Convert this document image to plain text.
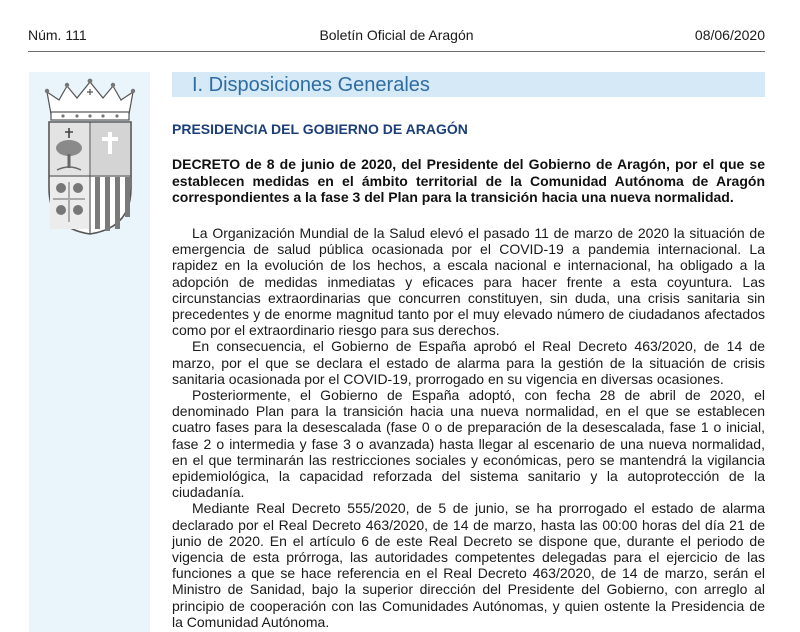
Núm. 111	Boletín Oficial de Aragón	08/06/2020
I. Disposiciones Generales
PRESIDENCIA DEL GOBIERNO DE ARAGÓN
DECRETO de 8 de junio de 2020, del Presidente del Gobierno de Aragón, por el que se establecen medidas en el ámbito territorial de la Comunidad Autónoma de Aragón correspondientes a la fase 3 del Plan para la transición hacia una nueva normalidad.

La Organización Mundial de la Salud elevó el pasado 11 de marzo de 2020 la situación de emergencia de salud pública ocasionada por el COVID-19 a pandemia internacional. La rapidez en la evolución de los hechos, a escala nacional e internacional, ha obligado a la adopción de medidas inmediatas y eficaces para hacer frente a esta coyuntura. Las circunstancias extraordinarias que concurren constituyen, sin duda, una crisis sanitaria sin precedentes y de enorme magnitud tanto por el muy elevado número de ciudadanos afectados como por el extraordinario riesgo para sus derechos.

En consecuencia, el Gobierno de España aprobó el Real Decreto 463/2020, de 14 de marzo, por el que se declara el estado de alarma para la gestión de la situación de crisis sanitaria ocasionada por el COVID-19, prorrogado en su vigencia en diversas ocasiones.

Posteriormente, el Gobierno de España adoptó, con fecha 28 de abril de 2020, el denominado Plan para la transición hacia una nueva normalidad, en el que se establecen cuatro fases para la desescalada (fase 0 o de preparación de la desescalada, fase 1 o inicial, fase 2 o intermedia y fase 3 o avanzada) hasta llegar al escenario de una nueva normalidad, en el que terminarán las restricciones sociales y económicas, pero se mantendrá la vigilancia epidemiológica, la capacidad reforzada del sistema sanitario y la autoprotección de la ciudadanía.

Mediante Real Decreto 555/2020, de 5 de junio, se ha prorrogado el estado de alarma declarado por el Real Decreto 463/2020, de 14 de marzo, hasta las 00:00 horas del día 21 de junio de 2020. En el artículo 6 de este Real Decreto se dispone que, durante el periodo de vigencia de esta prórroga, las autoridades competentes delegadas para el ejercicio de las funciones a que se hace referencia en el Real Decreto 463/2020, de 14 de marzo, serán el Ministro de Sanidad, bajo la superior dirección del Presidente del Gobierno, con arreglo al principio de cooperación con las Comunidades Autónomas, y quien ostente la Presidencia de la Comunidad Autónoma.
